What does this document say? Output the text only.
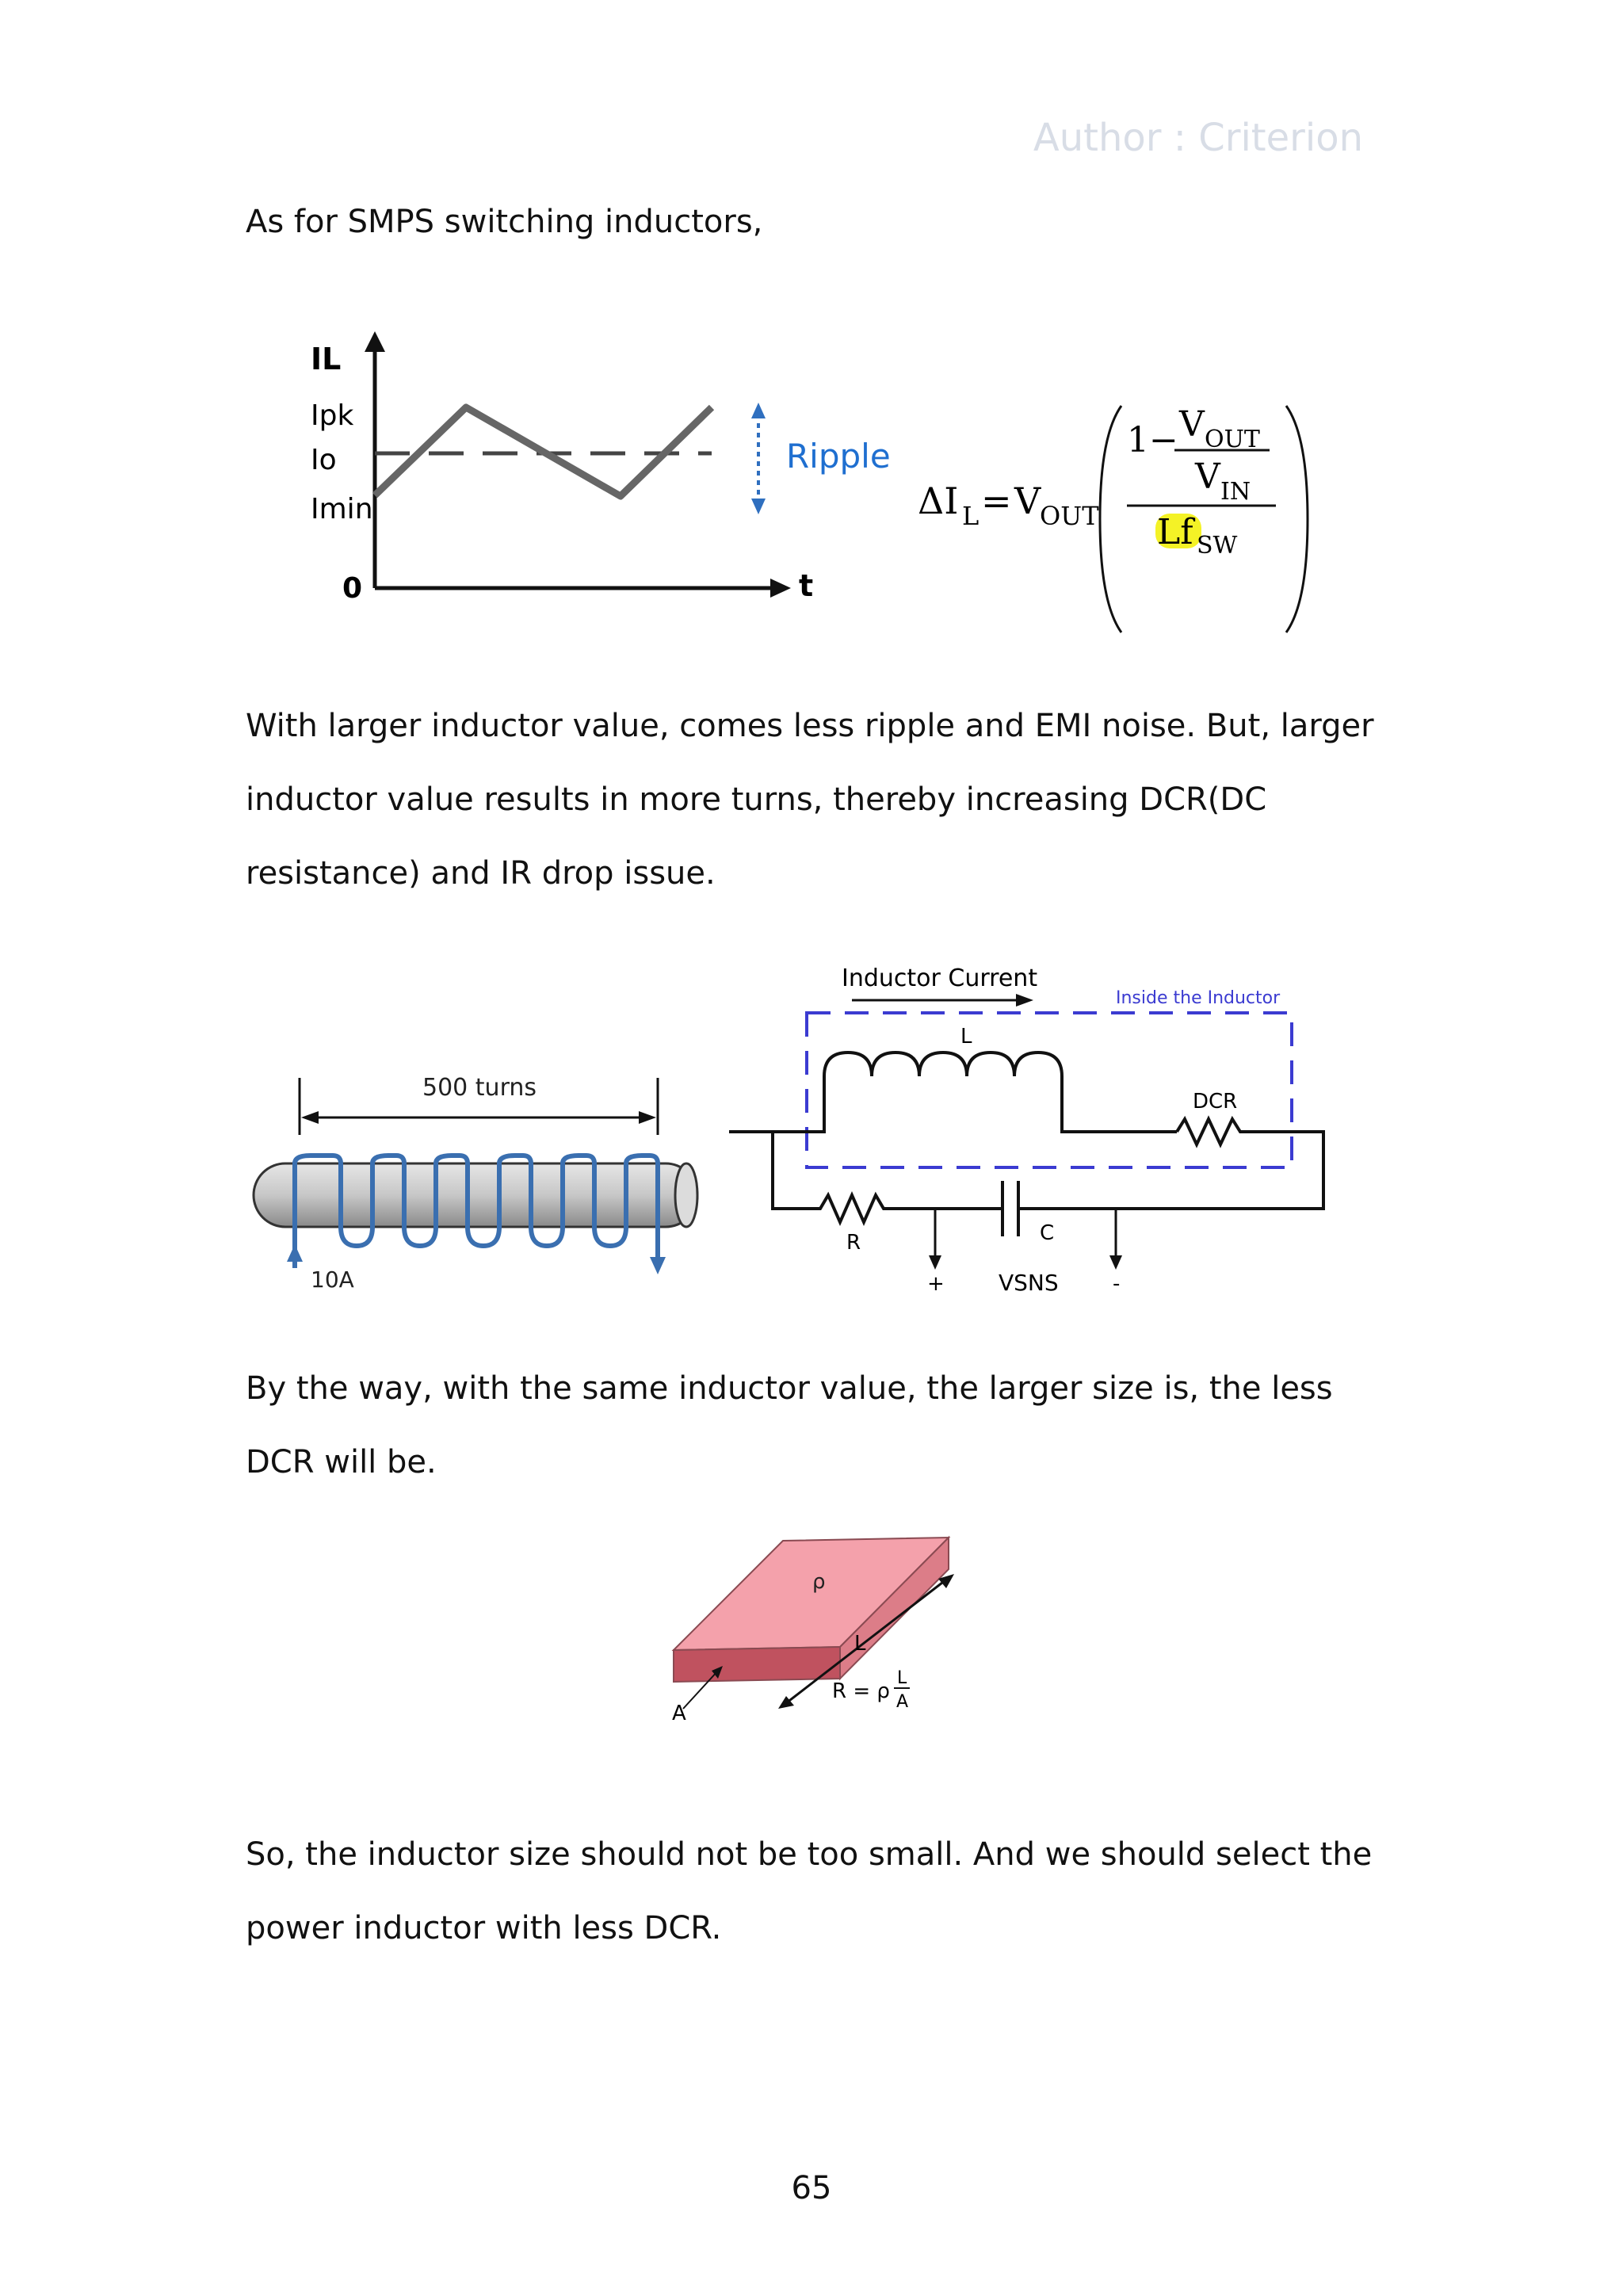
Author : Criterion

As for SMPS switching inductors,

IL
Ipk
Io
Imin
0	t
Ripple
ΔI L = V
OUT
1− V OUT
V IN
Lf SW

With larger inductor value, comes less ripple and EMI noise. But, larger inductor value results in more turns, thereby increasing DCR(DC resistance) and IR drop issue.

500 turns
10A
Inductor Current
Inside the Inductor
L
DCR
R	C
+ VSNS	-

By the way, with the same inductor value, the larger size is, the less DCR will be.

ρ
L
A
R = ρ
L
A

So, the inductor size should not be too small. And we should select the power inductor with less DCR.

65
